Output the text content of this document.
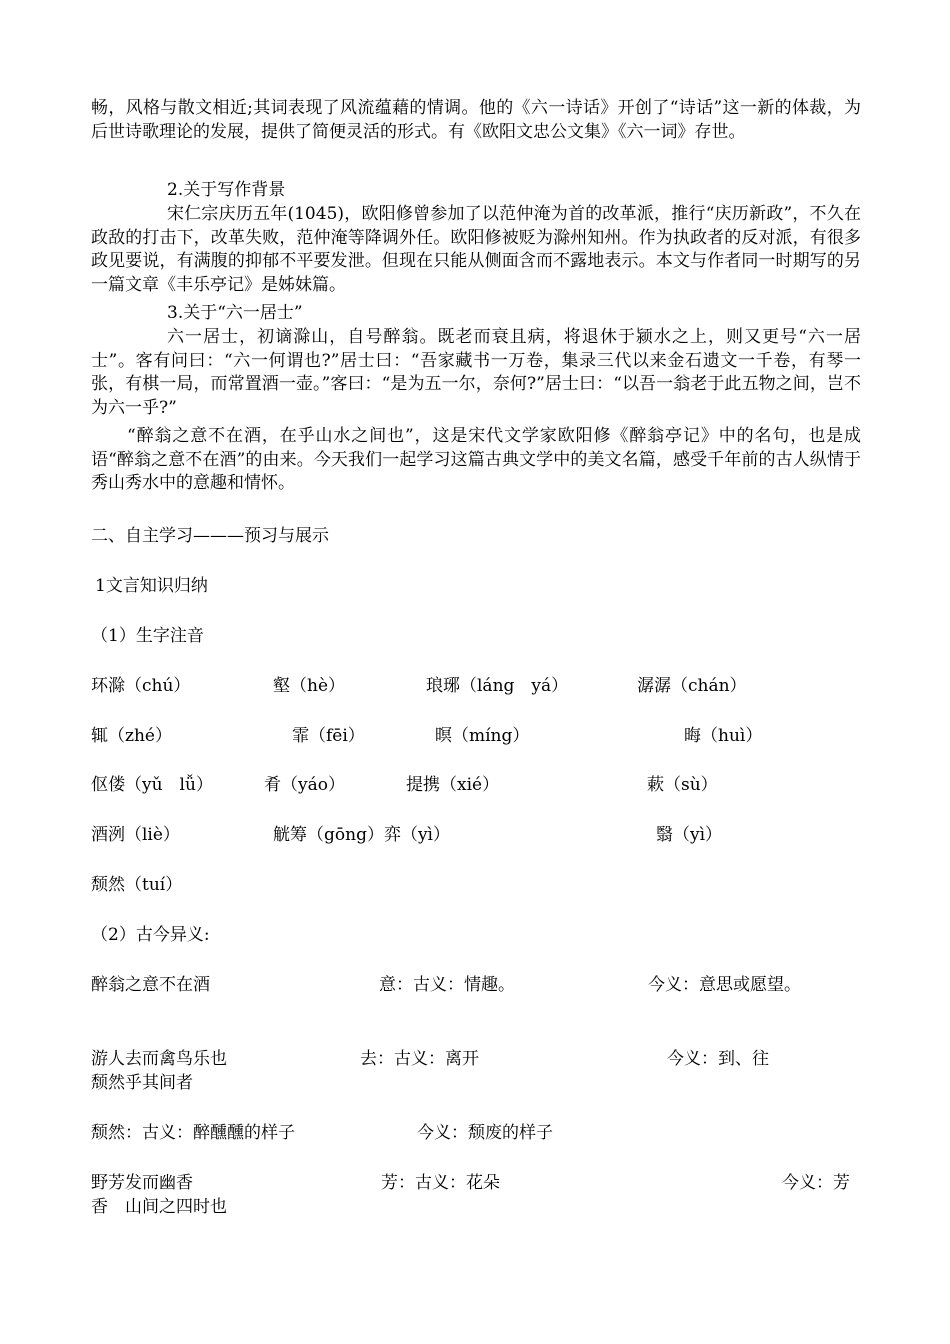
畅，风格与散文相近;其词表现了风流蕴藉的情调。他的《六一诗话》开创了“诗话”这一新的体裁，为后世诗歌理论的发展，提供了简便灵活的形式。有《欧阳文忠公文集》《六一词》存世。
2.关于写作背景
宋仁宗庆历五年(1045)，欧阳修曾参加了以范仲淹为首的改革派，推行“庆历新政”，不久在政敌的打击下，改革失败，范仲淹等降调外任。欧阳修被贬为滁州知州。作为执政者的反对派，有很多政见要说，有满腹的抑郁不平要发泄。但现在只能从侧面含而不露地表示。本文与作者同一时期写的另一篇文章《丰乐亭记》是姊妹篇。
3.关于“六一居士”
六一居士，初谪滁山，自号醉翁。既老而衰且病，将退休于颍水之上，则又更号“六一居士”。客有问曰：“六一何谓也?”居士曰：“吾家藏书一万卷，集录三代以来金石遗文一千卷，有琴一张，有棋一局，而常置酒一壶。”客曰：“是为五一尔，奈何?”居士曰：“以吾一翁老于此五物之间，岂不为六一乎?”
“醉翁之意不在酒，在乎山水之间也”，这是宋代文学家欧阳修《醉翁亭记》中的名句，也是成语“醉翁之意不在酒”的由来。今天我们一起学习这篇古典文学中的美文名篇，感受千年前的古人纵情于秀山秀水中的意趣和情怀。
二、自主学习———预习与展示
1文言知识归纳
（1）生字注音
环滁（chú）	壑（hè）	琅琊（láng　yá）	潺潺（chán）
辄（zhé）	霏（fēi）	暝（míng）	晦（huì）
伛偻（yǔ　lǚ）	肴（yáo）	提携（xié）	蔌（sù）
酒洌（liè）	觥筹（gōng）弈（yì）	翳（yì）
颓然（tuí）
（2）古今异义:
醉翁之意不在酒	意：古义：情趣。	今义：意思或愿望。
游人去而禽鸟乐也	去：古义：离开	今义：到、往
颓然乎其间者
颓然：古义：醉醺醺的样子	今义：颓废的样子
野芳发而幽香	芳：古义：花朵	今义：芳
香　山间之四时也
